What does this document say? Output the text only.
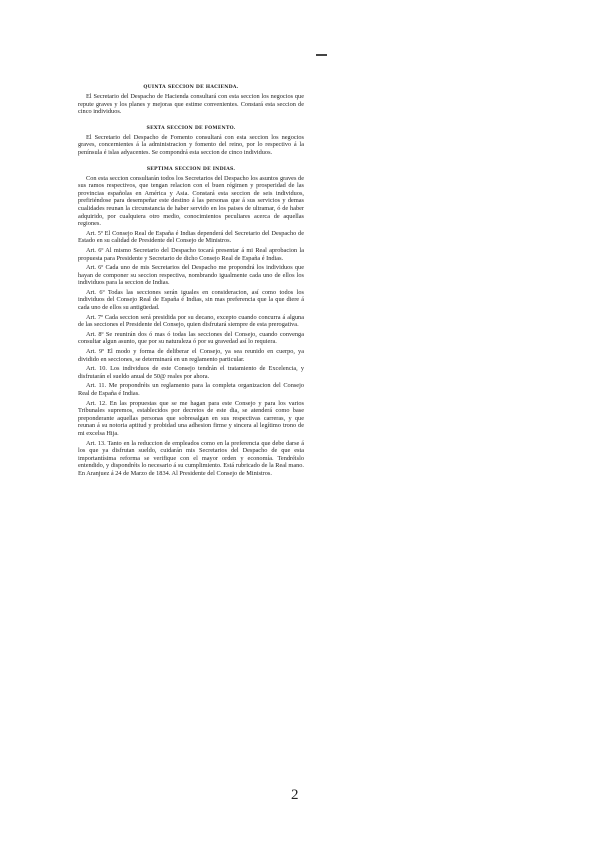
QUINTA SECCION DE HACIENDA.

El Secretario del Despacho de Hacienda consultará con esta seccion los negocios que repute graves y los planes y mejoras que estime convenientes. Constará esta seccion de cinco individuos.

SEXTA SECCION DE FOMENTO.

El Secretario del Despacho de Fomento consultará con esta seccion los negocios graves, concernientes á la administracion y fomento del reino, por lo respectivo á la península é islas adyacentes. Se compondrá esta seccion de cinco individuos.

SEPTIMA SECCION DE INDIAS.

Con esta seccion consultarán todos los Secretarios del Despacho los asuntos graves de sus ramos respectivos, que tengan relacion con el buen régimen y prosperidad de las provincias españolas en América y Asia. Constará esta seccion de seis individuos, prefiriéndose para desempeñar este destino á las personas que á sus servicios y demas cualidades reunan la circunstancia de haber servido en los paises de ultramar, ó de haber adquirido, por cualquiera otro medio, conocimientos peculiares acerca de aquellas regiones.

Art. 5º El Consejo Real de España é Indias dependerá del Secretario del Despacho de Estado en su calidad de Presidente del Consejo de Ministros.

Art. 6º Al mismo Secretario del Despacho tocará presentar á mi Real aprobacion la propuesta para Presidente y Secretario de dicho Consejo Real de España é Indias.

Art. 6º Cada uno de mis Secretarios del Despacho me propondrá los individuos que hayan de componer su seccion respectiva, nombrando igualmente cada uno de ellos los individuos para la seccion de Indias.

Art. 6º Todas las secciones serán iguales en consideracion, así como todos los individuos del Consejo Real de España é Indias, sin mas preferencia que la que diere á cada uno de ellos su antigüedad.

Art. 7º Cada seccion será presidida por su decano, excepto cuando concurra á alguna de las secciones el Presidente del Consejo, quien disfrutará siempre de esta prerogativa.

Art. 8º Se reunirán dos ó mas ó todas las secciones del Consejo, cuando convenga consultar algun asunto, que por su naturaleza ó por su gravedad así lo requiera.

Art. 9º El modo y forma de deliberar el Consejo, ya sea reunido en cuerpo, ya dividido en secciones, se determinará en un reglamento particular.

Art. 10. Los individuos de este Consejo tendrán el tratamiento de Excelencia, y disfrutarán el sueldo anual de 50@ reales por ahora.

Art. 11. Me propondréis un reglamento para la completa organizacion del Consejo Real de España é Indias.

Art. 12. En las propuestas que se me hagan para este Consejo y para los varios Tribunales supremos, establecidos por decretos de este dia, se atenderá como base preponderante aquellas personas que sobresalgan en sus respectivas carreras, y que reunan á su notoria aptitud y probidad una adhesion firme y sincera al legítimo trono de mi excelsa Hija.

Art. 13. Tanto en la reduccion de empleados como en la preferencia que debe darse á los que ya disfrutan sueldo, cuidarán mis Secretarios del Despacho de que esta importantísima reforma se verifique con el mayor orden y economía. Tendréislo entendido, y dispondréis lo necesario á su cumplimiento. Está rubricado de la Real mano. En Aranjuez á 24 de Marzo de 1834. Al Presidente del Consejo de Ministros.

2
